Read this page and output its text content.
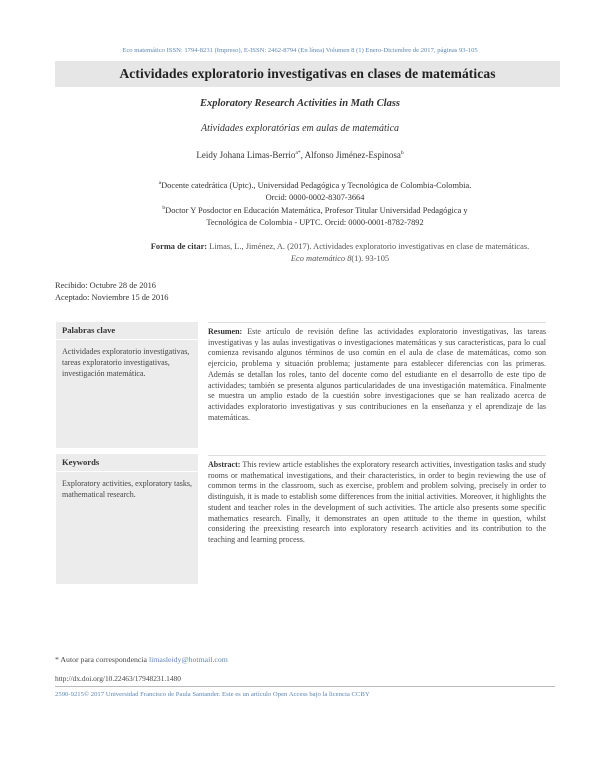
Eco matemático ISSN: 1794-8231 (Impreso), E-ISSN: 2462-8794 (En línea) Volumen 8 (1) Enero-Diciembre de 2017, páginas 93-105
Actividades exploratorio investigativas en clases de matemáticas
Exploratory Research Activities in Math Class
Atividades exploratórias em aulas de matemática
Leidy Johana Limas-Berrio$^{a*}$, Alfonso Jiménez-Espinosa$^b$
$^a$Docente catedrática (Uptc)., Universidad Pedagógica y Tecnológica de Colombia-Colombia. Orcid: 0000-0002-8307-3664
$^b$Doctor Y Posdoctor en Educación Matemática, Profesor Titular Universidad Pedagógica y Tecnológica de Colombia - UPTC. Orcid: 0000-0001-8782-7892
Forma de citar: Limas, L., Jiménez, A. (2017). Actividades exploratorio investigativas en clase de matemáticas.
Eco matemático 8(1). 93-105
Recibido: Octubre 28 de 2016
Aceptado: Noviembre 15 de 2016
Palabras clave
Actividades exploratorio investigativas, tareas exploratorio investigativas, investigación matemática.
Resumen: Este artículo de revisión define las actividades exploratorio investigativas, las tareas investigativas y las aulas investigativas o investigaciones matemáticas y sus características, para lo cual comienza revisando algunos términos de uso común en el aula de clase de matemáticas, como son ejercicio, problema y situación problema; justamente para establecer diferencias con las primeras. Además se detallan los roles, tanto del docente como del estudiante en el desarrollo de este tipo de actividades; también se presenta algunos particularidades de una investigación matemática. Finalmente se muestra un amplio estado de la cuestión sobre investigaciones que se han realizado acerca de actividades exploratorio investigativas y sus contribuciones en la enseñanza y el aprendizaje de las matemáticas.
Keywords
Exploratory activities, exploratory tasks, mathematical research.
Abstract: This review article establishes the exploratory research activities, investigation tasks and study rooms or mathematical investigations, and their characteristics, in order to begin reviewing the use of common terms in the classroom, such as exercise, problem and problem solving, precisely in order to distinguish, it is made to establish some differences from the initial activities. Moreover, it highlights the student and teacher roles in the development of such activities. The article also presents some specific mathematics research. Finally, it demonstrates an open attitude to the theme in question, whilst considering the preexisting research into exploratory research activities and its contribution to the teaching and learning process.
* Autor para correspondencia limasleidy@hotmail.com
http://dx.doi.org/10.22463/17948231.1480
2590-9215© 2017 Universidad Francisco de Paula Santander. Este es un artículo Open Access bajo la licencia CCBY
